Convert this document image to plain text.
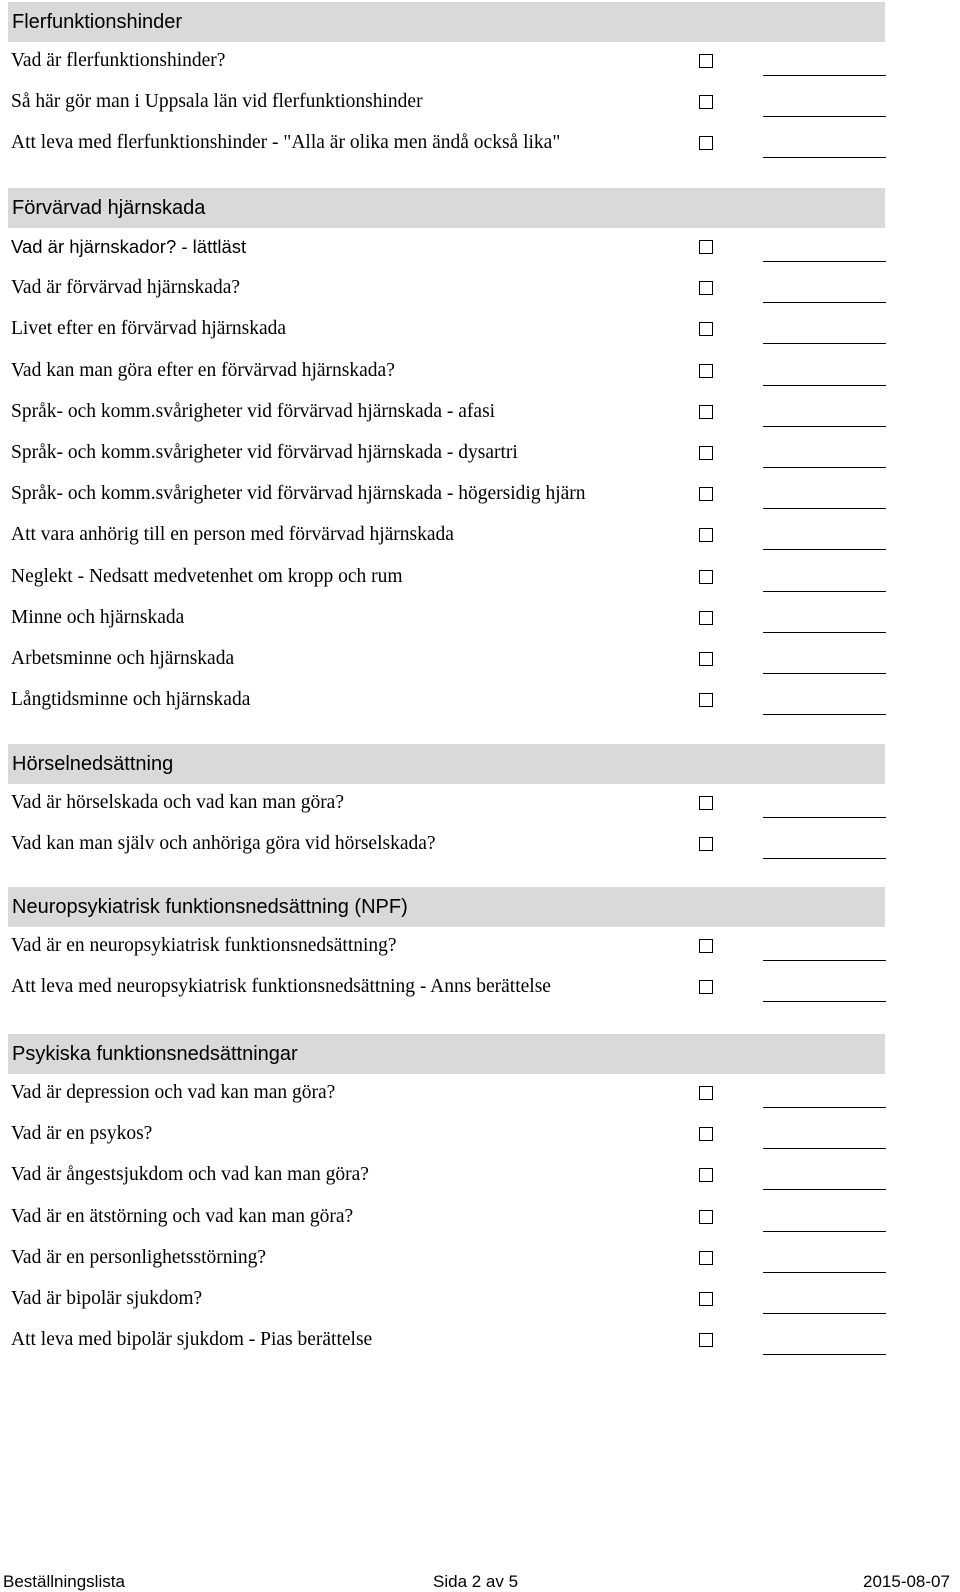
Flerfunktionshinder
Vad är flerfunktionshinder?
Så här gör man i Uppsala län vid flerfunktionshinder
Att leva med flerfunktionshinder - "Alla är olika men ändå också lika"
Förvärvad hjärnskada
Vad är hjärnskador? - lättläst
Vad är förvärvad hjärnskada?
Livet efter en förvärvad hjärnskada
Vad kan man göra efter en förvärvad hjärnskada?
Språk- och komm.svårigheter vid förvärvad hjärnskada - afasi
Språk- och komm.svårigheter vid förvärvad hjärnskada - dysartri
Språk- och komm.svårigheter vid förvärvad hjärnskada - högersidig hjärn
Att vara anhörig till en person med förvärvad hjärnskada
Neglekt - Nedsatt medvetenhet om kropp och rum
Minne och hjärnskada
Arbetsminne och hjärnskada
Långtidsminne och hjärnskada
Hörselnedsättning
Vad är hörselskada och vad kan man göra?
Vad kan man själv och anhöriga göra vid hörselskada?
Neuropsykiatrisk funktionsnedsättning (NPF)
Vad är en neuropsykiatrisk funktionsnedsättning?
Att leva med neuropsykiatrisk funktionsnedsättning - Anns berättelse
Psykiska funktionsnedsättningar
Vad är depression och vad kan man göra?
Vad är en psykos?
Vad är ångestsjukdom och vad kan man göra?
Vad är en ätstörning och vad kan man göra?
Vad är en personlighetsstörning?
Vad är bipolär sjukdom?
Att leva med bipolär sjukdom - Pias berättelse
Beställningslista	Sida 2 av 5	2015-08-07
